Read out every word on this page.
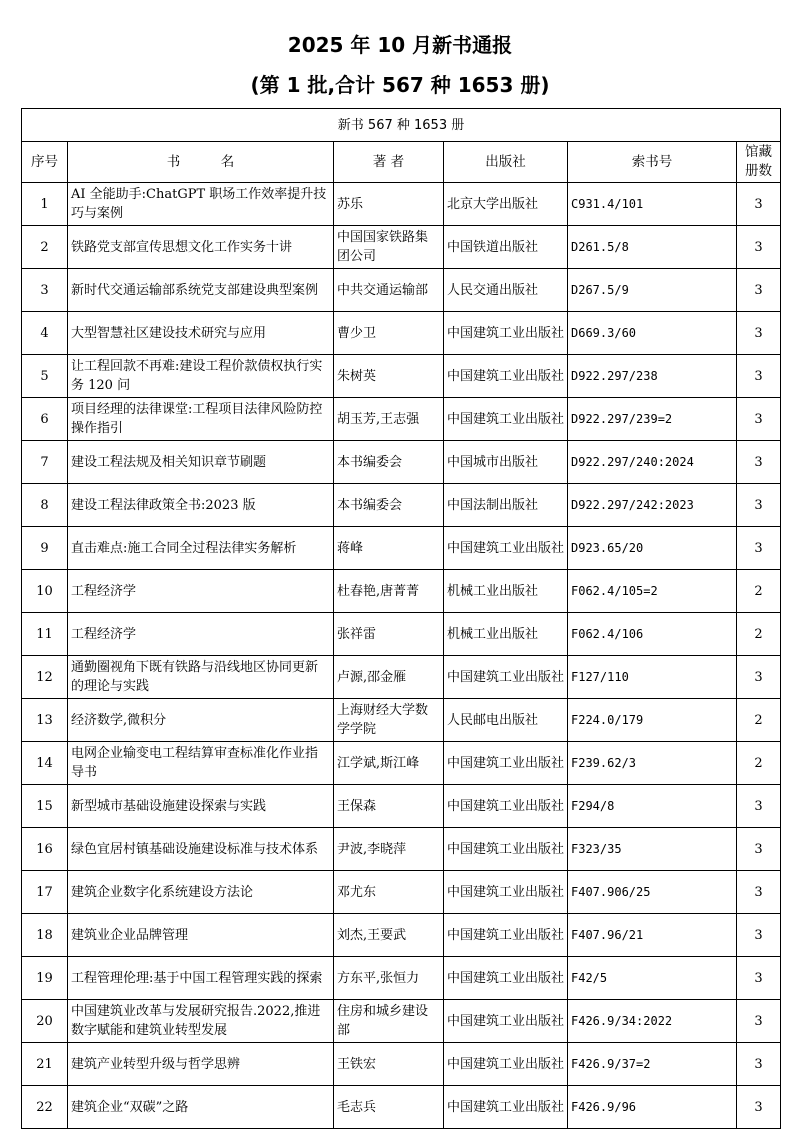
2025 年 10 月新书通报
(第 1 批,合计 567 种 1653 册)
新书 567 种 1653 册					
序号	书　　　名	著 者	出版社	索书号	馆藏
册数
1	AI 全能助手:ChatGPT 职场工作效率提升技巧与案例	苏乐	北京大学出版社	C931.4/101	3
2	铁路党支部宣传思想文化工作实务十讲	中国国家铁路集团公司	中国铁道出版社	D261.5/8	3
3	新时代交通运输部系统党支部建设典型案例	中共交通运输部	人民交通出版社	D267.5/9	3
4	大型智慧社区建设技术研究与应用	曹少卫	中国建筑工业出版社	D669.3/60	3
5	让工程回款不再难:建设工程价款债权执行实务 120 问	朱树英	中国建筑工业出版社	D922.297/238	3
6	项目经理的法律课堂:工程项目法律风险防控操作指引	胡玉芳,王志强	中国建筑工业出版社	D922.297/239=2	3
7	建设工程法规及相关知识章节刷题	本书编委会	中国城市出版社	D922.297/240:2024	3
8	建设工程法律政策全书:2023 版	本书编委会	中国法制出版社	D922.297/242:2023	3
9	直击难点:施工合同全过程法律实务解析	蒋峰	中国建筑工业出版社	D923.65/20	3
10	工程经济学	杜春艳,唐菁菁	机械工业出版社	F062.4/105=2	2
11	工程经济学	张祥雷	机械工业出版社	F062.4/106	2
12	通勤圈视角下既有铁路与沿线地区协同更新的理论与实践	卢源,邵金雁	中国建筑工业出版社	F127/110	3
13	经济数学,微积分	上海财经大学数学学院	人民邮电出版社	F224.0/179	2
14	电网企业输变电工程结算审查标准化作业指导书	江学斌,斯江峰	中国建筑工业出版社	F239.62/3	2
15	新型城市基础设施建设探索与实践	王保森	中国建筑工业出版社	F294/8	3
16	绿色宜居村镇基础设施建设标准与技术体系	尹波,李晓萍	中国建筑工业出版社	F323/35	3
17	建筑企业数字化系统建设方法论	邓尤东	中国建筑工业出版社	F407.906/25	3
18	建筑业企业品牌管理	刘杰,王要武	中国建筑工业出版社	F407.96/21	3
19	工程管理伦理:基于中国工程管理实践的探索	方东平,张恒力	中国建筑工业出版社	F42/5	3
20	中国建筑业改革与发展研究报告.2022,推进数字赋能和建筑业转型发展	住房和城乡建设部	中国建筑工业出版社	F426.9/34:2022	3
21	建筑产业转型升级与哲学思辨	王铁宏	中国建筑工业出版社	F426.9/37=2	3
22	建筑企业“双碳”之路	毛志兵	中国建筑工业出版社	F426.9/96	3
